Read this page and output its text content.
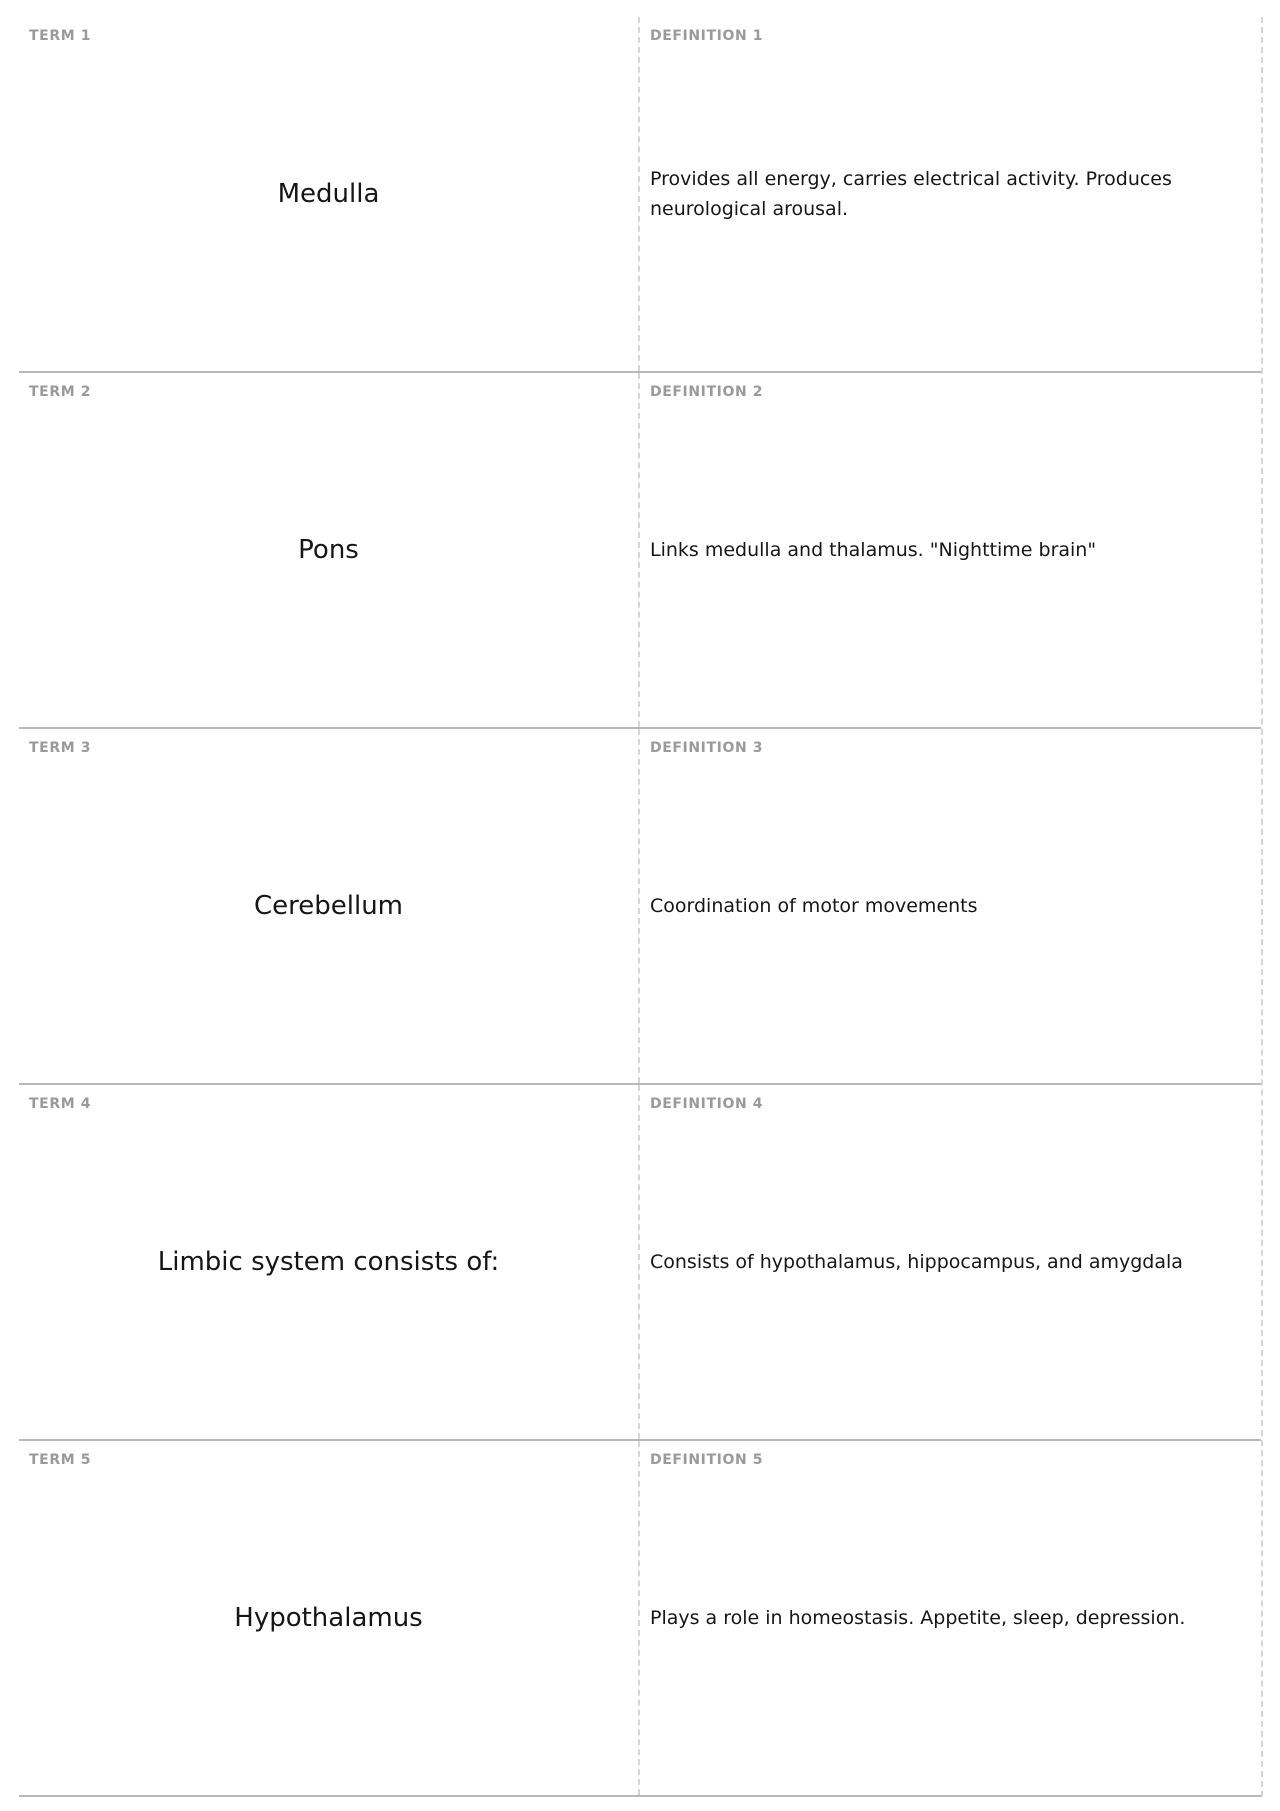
TERM 1
Medulla
DEFINITION 1
Provides all energy, carries electrical activity. Produces neurological arousal.
TERM 2
Pons
DEFINITION 2
Links medulla and thalamus. "Nighttime brain"
TERM 3
Cerebellum
DEFINITION 3
Coordination of motor movements
TERM 4
Limbic system consists of:
DEFINITION 4
Consists of hypothalamus, hippocampus, and amygdala
TERM 5
Hypothalamus
DEFINITION 5
Plays a role in homeostasis. Appetite, sleep, depression.
